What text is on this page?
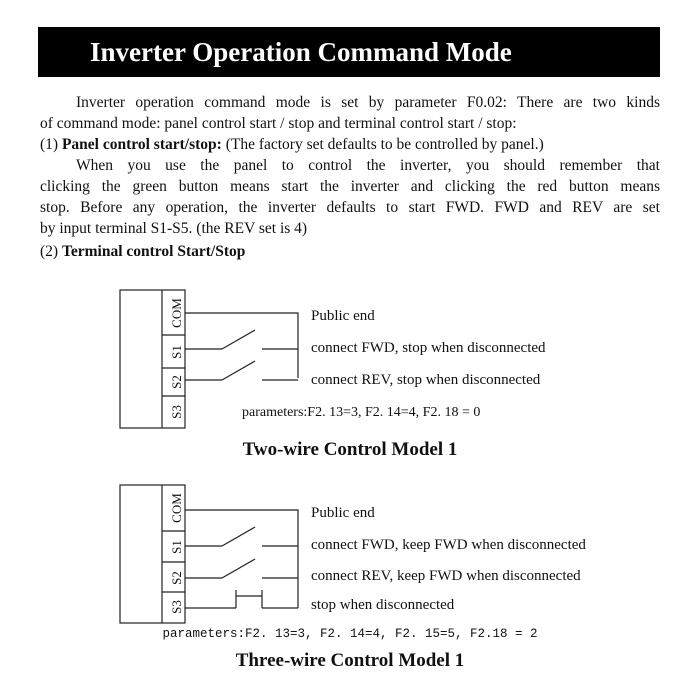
Inverter Operation Command Mode

Inverter operation command mode is set by parameter F0.02: There are two kinds

of command mode: panel control start / stop and terminal control start / stop:

(1) Panel control start/stop: (The factory set defaults to be controlled by panel.)

When you use the panel to control the inverter, you should remember that

clicking the green button means start the inverter and clicking the red button means

stop. Before any operation, the inverter defaults to start FWD. FWD and REV are set

by input terminal S1-S5. (the REV set is 4)

(2) Terminal control Start/Stop

COM
S1
S2
S3
Public end
connect FWD, stop when disconnected
connect REV, stop when disconnected
parameters:F2. 13=3, F2. 14=4, F2. 18 = 0
Two-wire Control Model 1
COM
S1
S2
S3
Public end
connect FWD, keep FWD when disconnected
connect REV, keep FWD when disconnected
stop when disconnected
parameters:F2. 13=3, F2. 14=4, F2. 15=5, F2.18 = 2
Three-wire Control Model 1
